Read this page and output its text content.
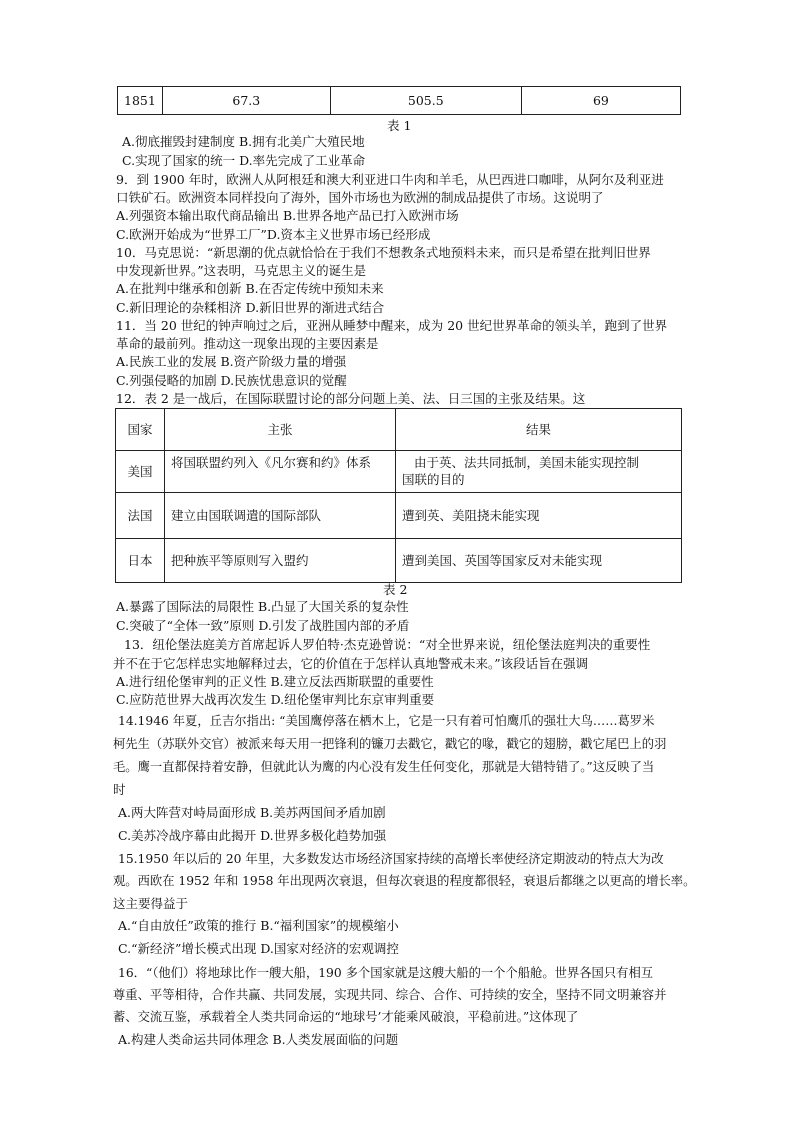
1851	67.3	505.5	69
表 1
A.彻底摧毁封建制度 B.拥有北美广大殖民地
C.实现了国家的统一 D.率先完成了工业革命
9．到 1900 年时，欧洲人从阿根廷和澳大利亚进口牛肉和羊毛，从巴西进口咖啡，从阿尔及利亚进
口铁矿石。欧洲资本同样投向了海外，国外市场也为欧洲的制成品提供了市场。这说明了
A.列强资本输出取代商品输出 B.世界各地产品已打入欧洲市场
C.欧洲开始成为“世界工厂”D.资本主义世界市场已经形成
10．马克思说：“新思潮的优点就恰恰在于我们不想教条式地预料未来，而只是希望在批判旧世界
中发现新世界。”这表明，马克思主义的诞生是
A.在批判中继承和创新 B.在否定传统中预知未来
C.新旧理论的杂糅相济 D.新旧世界的渐进式结合
11．当 20 世纪的钟声响过之后，亚洲从睡梦中醒来，成为 20 世纪世界革命的领头羊，跑到了世界
革命的最前列。推动这一现象出现的主要因素是
A.民族工业的发展 B.资产阶级力量的增强
C.列强侵略的加剧 D.民族忧患意识的觉醒
12．表 2 是一战后，在国际联盟讨论的部分问题上美、法、日三国的主张及结果。这
国家	主张	结果
美国	将国联盟约列入《凡尔赛和约》体系	由于英、法共同抵制，美国未能实现控制
国联的目的

法国	建立由国联调遣的国际部队	遭到英、美阻挠未能实现
日本	把种族平等原则写入盟约	遭到美国、英国等国家反对未能实现
表 2
A.暴露了国际法的局限性 B.凸显了大国关系的复杂性
C.突破了“全体一致”原则 D.引发了战胜国内部的矛盾
13．纽伦堡法庭美方首席起诉人罗伯特·杰克逊曾说：“对全世界来说，纽伦堡法庭判决的重要性
并不在于它怎样忠实地解释过去，它的价值在于怎样认真地警戒未来。”该段话旨在强调
A.进行纽伦堡审判的正义性 B.建立反法西斯联盟的重要性
C.应防范世界大战再次发生 D.纽伦堡审判比东京审判重要
14.1946 年夏，丘吉尔指出: “美国鹰停落在栖木上，它是一只有着可怕鹰爪的强壮大鸟……葛罗米
柯先生（苏联外交官）被派来每天用一把锋利的镰刀去戳它，戳它的喙，戳它的翅膀，戳它尾巴上的羽
毛。鹰一直都保持着安静，但就此认为鹰的内心没有发生任何变化，那就是大错特错了。”这反映了当
时
A.两大阵营对峙局面形成 B.美苏两国间矛盾加剧
C.美苏冷战序幕由此揭开 D.世界多极化趋势加强
15.1950 年以后的 20 年里，大多数发达市场经济国家持续的高增长率使经济定期波动的特点大为改
观。西欧在 1952 年和 1958 年出现两次衰退，但每次衰退的程度都很轻，衰退后都继之以更高的增长率。
这主要得益于
A.“自由放任”政策的推行 B.“福利国家”的规模缩小
C.“新经济”增长模式出现 D.国家对经济的宏观调控
16．“（他们）将地球比作一艘大船，190 多个国家就是这艘大船的一个个船舱。世界各国只有相互
尊重、平等相待，合作共赢、共同发展，实现共同、综合、合作、可持续的安全，坚持不同文明兼容并
蓄、交流互鉴，承载着全人类共同命运的“地球号’才能乘风破浪，平稳前进。”这体现了
A.构建人类命运共同体理念 B.人类发展面临的问题
